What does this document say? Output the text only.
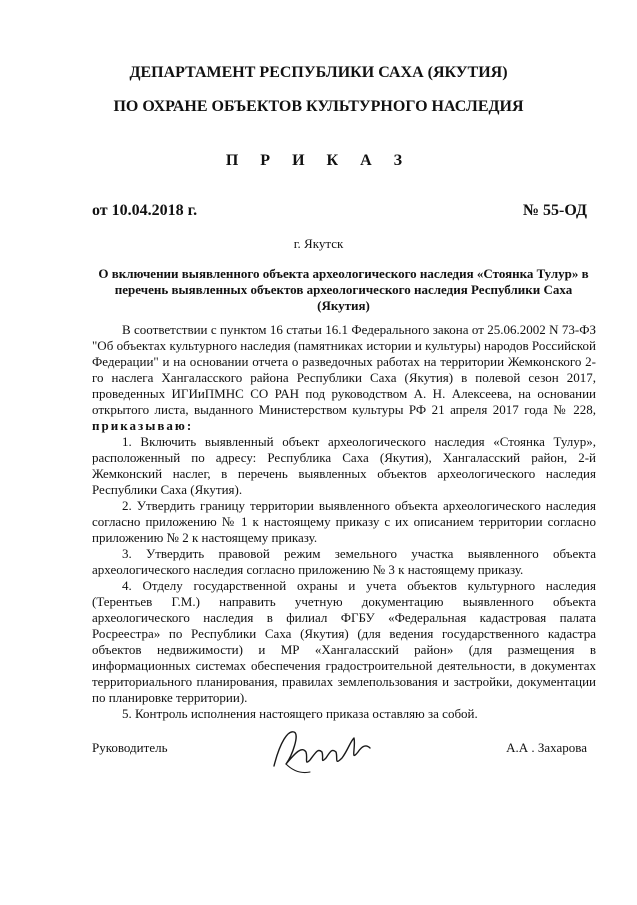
ДЕПАРТАМЕНТ РЕСПУБЛИКИ САХА (ЯКУТИЯ)
ПО ОХРАНЕ ОБЪЕКТОВ КУЛЬТУРНОГО НАСЛЕДИЯ
П Р И К А З
от 10.04.2018 г.	№ 55-ОД
г. Якутск
О включении выявленного объекта археологического наследия «Стоянка Тулур» в перечень выявленных объектов археологического наследия Республики Саха (Якутия)

В соответствии с пунктом 16 статьи 16.1 Федерального закона от 25.06.2002 N 73-ФЗ "Об объектах культурного наследия (памятниках истории и культуры) народов Российской Федерации" и на основании отчета о разведочных работах на территории Жемконского 2-го наслега Хангаласского района Республики Саха (Якутия) в полевой сезон 2017, проведенных ИГИиПМНС СО РАН под руководством А. Н. Алексеева, на основании открытого листа, выданного Министерством культуры РФ 21 апреля 2017 года № 228, приказываю:

1. Включить выявленный объект археологического наследия «Стоянка Тулур», расположенный по адресу: Республика Саха (Якутия), Хангаласский район, 2-й Жемконский наслег, в перечень выявленных объектов археологического наследия Республики Саха (Якутия).

2. Утвердить границу территории выявленного объекта археологического наследия согласно приложению № 1 к настоящему приказу с их описанием территории согласно приложению № 2 к настоящему приказу.

3. Утвердить правовой режим земельного участка выявленного объекта археологического наследия согласно приложению № 3 к настоящему приказу.

4. Отделу государственной охраны и учета объектов культурного наследия (Терентьев Г.М.) направить учетную документацию выявленного объекта археологического наследия в филиал ФГБУ «Федеральная кадастровая палата Росреестра» по Республики Саха (Якутия) (для ведения государственного кадастра объектов недвижимости) и МР «Хангаласский район» (для размещения в информационных системах обеспечения градостроительной деятельности, в документах территориального планирования, правилах землепользования и застройки, документации по планировке территории).

5. Контроль исполнения настоящего приказа оставляю за собой.

Руководитель	А.А . Захарова
